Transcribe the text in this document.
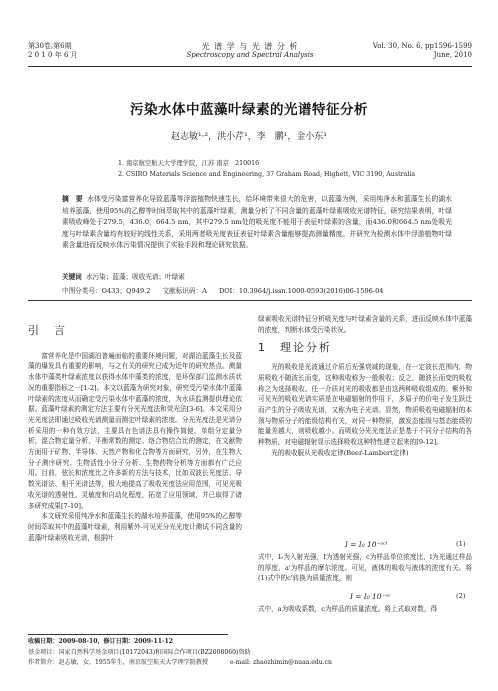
第30卷,第6期
2 0 1 0 年 6 月
光 谱 学 与 光 谱 分 析
Spectroscopy and Spectral Analysis
Vol. 30, No. 6, pp1596-1599
June, 2010
污染水体中蓝藻叶绿素的光谱特征分析
赵志敏¹·²，洪小芹¹，李　鹏¹，金小东¹
1. 南京航空航天大学理学院，江苏 南京　210016
2. CSIRO Materials Science and Engineering, 37 Graham Road, Highett, VIC 3190, Australia
摘　要 水体受污染富营养化导致蓝藻等浮游植物快速生长，给环境带来很大的危害，以蓝藻为例，采用纯净水和蓝藻生长的湖水培养蓝藻，使用95%的乙醇等时间萃取其中的蓝藻叶绿素，测量分析了不同含量的蓝藻叶绿素吸收光谱特征，研究结果表明，叶绿素吸收峰处于279.5，436.0，664.5 nm，其中279.5 nm处的吸光度不能用于表征叶绿素的含量，而436.0和664.5 nm处吸光度与叶绿素含量均有较好的线性关系，采用两者吸光度表征表征叶绿素含量能够提高测量精度。并研究为检测水体中浮游植物叶绿素含量进而反映水体污染情况提供了实验手段和理论研究依据。
关键词 水污染；蓝藻；吸收光谱；叶绿素
中图分类号：O433；Q949.2 文献标识码：A DOI：10.3964/j.issn.1000-0593(2010)06-1596-04
引　言
富营养化是中国湖泊普遍面临的重要环境问题，对湖泊蓝藻生长及蓝藻的爆发具有重要的影响，与之有关的研究已成为近年的研究热点。测量水体中藻类叶绿素浓度以获得水体中藻类的浓度，是环保部门监测水质状况的重要指标之一[1-2]。本文以蓝藻为研究对象，研究受污染水体中蓝藻叶绿素的浓度从而确定受污染水体中蓝藻的浓度，为水质监测提供理论依据。蓝藻叶绿素的测定方法主要有分光光度法和荧光法[3-6]。本文采用分光光度法即通过吸收光谱测量而测定叶绿素的浓度。分光光度法是光谱分析采用的一种有效方法，主要具有色谱法具有操作简便，单组分定量分析，混合物定量分析、平衡常数的测定、络合物结合比的测定，在文献物方面用于矿物、半导体、天然产物和化合物等方面研究，另外，在生物大分子测序研究、生物活性小分子分析、生物药物分析等方面都有广泛应用。目前，弦长和浓度比之许多新的方法与技术，比如双波长光度法、导数光谱法、相干光谱法等，极大地提高了吸收光度法应用范围，可见光吸收光谱的透射性、灵敏度和自动化程度，拓宽了应用领域，并已取得了诸多研究成果[7-10]。
本文研究采用纯净水和蓝藻生长的湖水培养蓝藻，使用95%的乙醇等时间萃取其中的蓝藻叶绿素，利用紫外-可见光分光光度计测试不同含量的蓝藻叶绿素吸收光谱，根据叶
绿素吸收光谱特征分析吸光度与叶绿素含量的关系，进而反映水体中蓝藻的浓度，判断水体受污染状况。
1　理论分析
光的吸收是光波通过介质后光强衰减的现象，在一定波长范围内，物质吸收不随波长而变，这种吸收称为一般吸收；反之，随波长而变的吸收称之为选择吸收。任一介质对光的吸收都是由这两种吸收组成的。紫外和可见光的吸收光谱实质是在电磁辐射的作用下，多原子的价电子发生跃迁而产生的分子吸收光谱，又称为电子光谱。显然，物质吸收电磁辐射的本领与物质分子的能级结构有关，对同一种物质，激发态能级与基态能级的能量差越大，则吸收越小。而吸收分光光度法正是基于不同分子结构的各种物质，对电磁辐射显示选择吸收这种特性建立起来的[9-12]。
光的吸收服从光吸收定律(Beer-Lambert定律)
I = I₀ 10⁻ᵃᶜˡ	(1)
式中，I₀为入射光强，I为透射光强，c为样品单位浓度比，l为光通过样品的厚度，a'为样品的摩尔浓度。可见，液体的吸收与液体的浓度有关。将(1)式中的c'转换为质量浓度，则
I = I₀ 10⁻ᵃᶜ	(2)
式中，a为吸收系数，c为样品的质量浓度。将上式取对数，得
收稿日期：2009-08-10，修订日期：2009-11-12
基金项目：国家自然科学基金项目(10172043)和国际合作项目(BZ2008060)资助
作者简介：赵志敏，女，1955年生，南京航空航天大学理学院教授	e-mail: zhaozhimin@nuaa.edu.cn
